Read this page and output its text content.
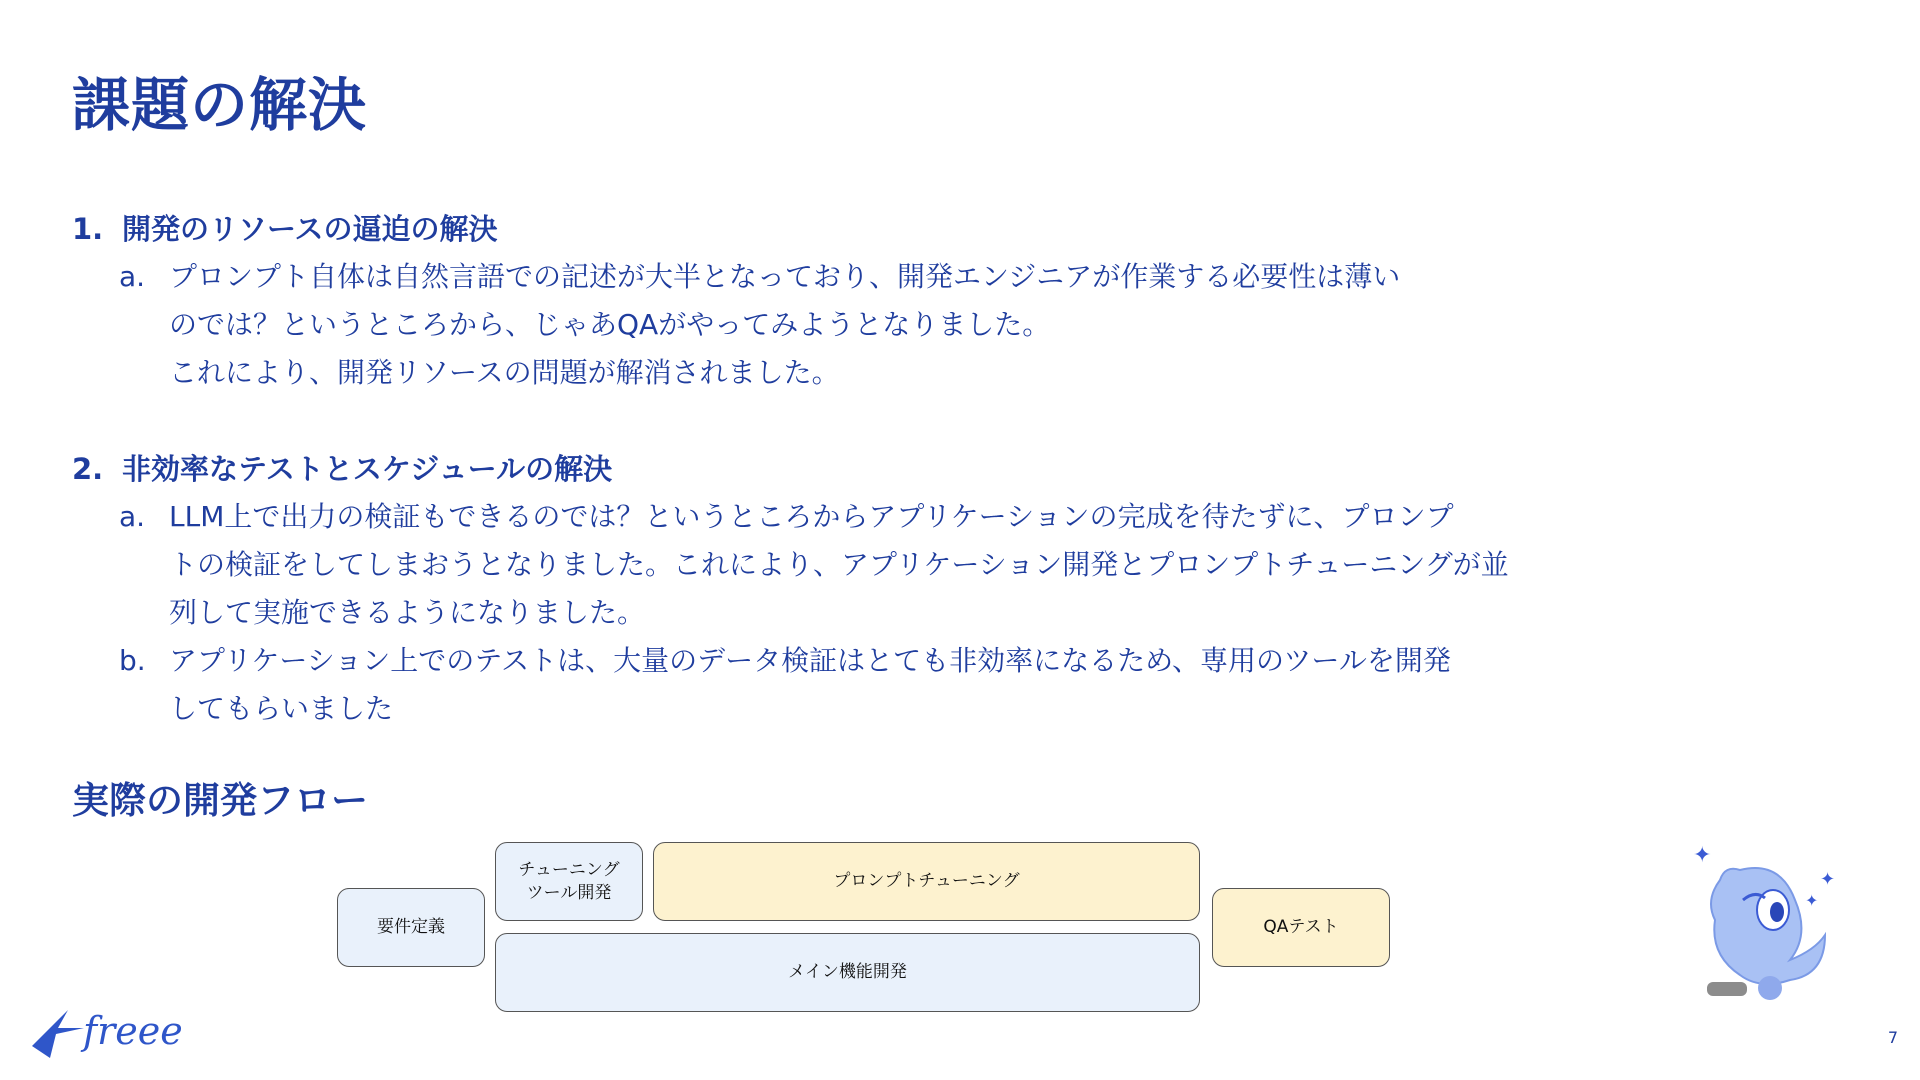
課題の解決
1. 開発のリソースの逼迫の解決
a. プロンプト自体は自然言語での記述が大半となっており、開発エンジニアが作業する必要性は薄い
のでは？というところから、じゃあQAがやってみようとなりました。
これにより、開発リソースの問題が解消されました。
2. 非効率なテストとスケジュールの解決
a. LLM上で出力の検証もできるのでは？というところからアプリケーションの完成を待たずに、プロンプ
トの検証をしてしまおうとなりました。これにより、アプリケーション開発とプロンプトチューニングが並
列して実施できるようになりました。
b. アプリケーション上でのテストは、大量のデータ検証はとても非効率になるため、専用のツールを開発
してもらいました
実際の開発フロー
要件定義
チューニング
ツール開発
プロンプトチューニング
メイン機能開発
QAテスト
✦
✦
✦
freee	7
